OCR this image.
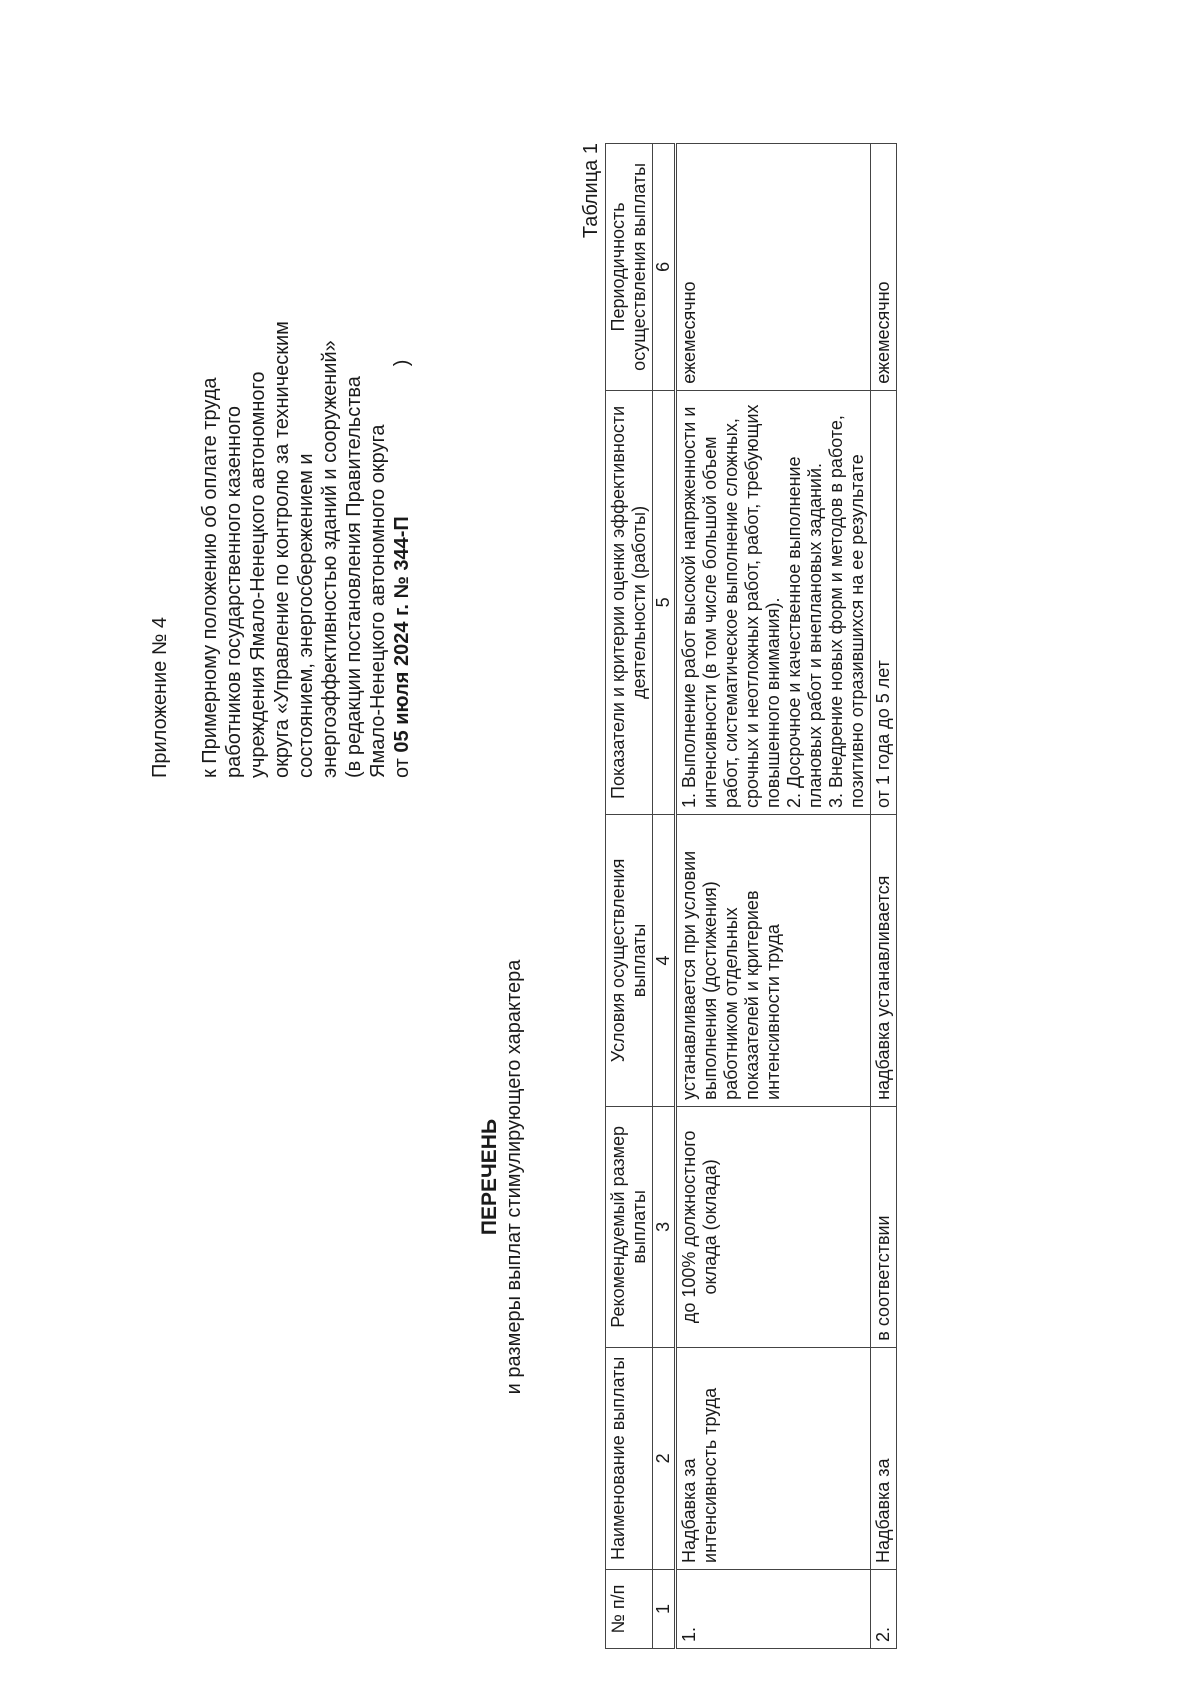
Приложение № 4 к Примерному положению об оплате труда работников государственного казенного учреждения Ямало-Ненецкого автономного округа «Управление по контролю за техническим состоянием, энергосбережением и энергоэффективностью зданий и сооружений» (в редакции постановления Правительства Ямало-Ненецкого автономного округа от 05 июля 2024 г. № 344-П)
ПЕРЕЧЕНЬ и размеры выплат стимулирующего характера
Таблица 1
№ п/п	Наименование выплаты	Рекомендуемый размер выплаты	Условия осуществления выплаты	Показатели и критерии оценки эффективности деятельности (работы)	Периодичность осуществления выплаты
1	2	3	4	5	6
1.	Надбавка за интенсивность труда	до 100% должностного оклада (оклада)	устанавливается при условии выполнения (достижения) работником отдельных показателей и критериев интенсивности труда	1. Выполнение работ высокой напряженности и интенсивности (в том числе большой объем работ, систематическое выполнение сложных, срочных и неотложных работ, работ, требующих повышенного внимания).
2. Досрочное и качественное выполнение плановых работ и внеплановых заданий.
3. Внедрение новых форм и методов в работе, позитивно отразившихся на ее результате	ежемесячно
2.	Надбавка за	в соответствии	надбавка устанавливается	от 1 года до 5 лет	ежемесячно
